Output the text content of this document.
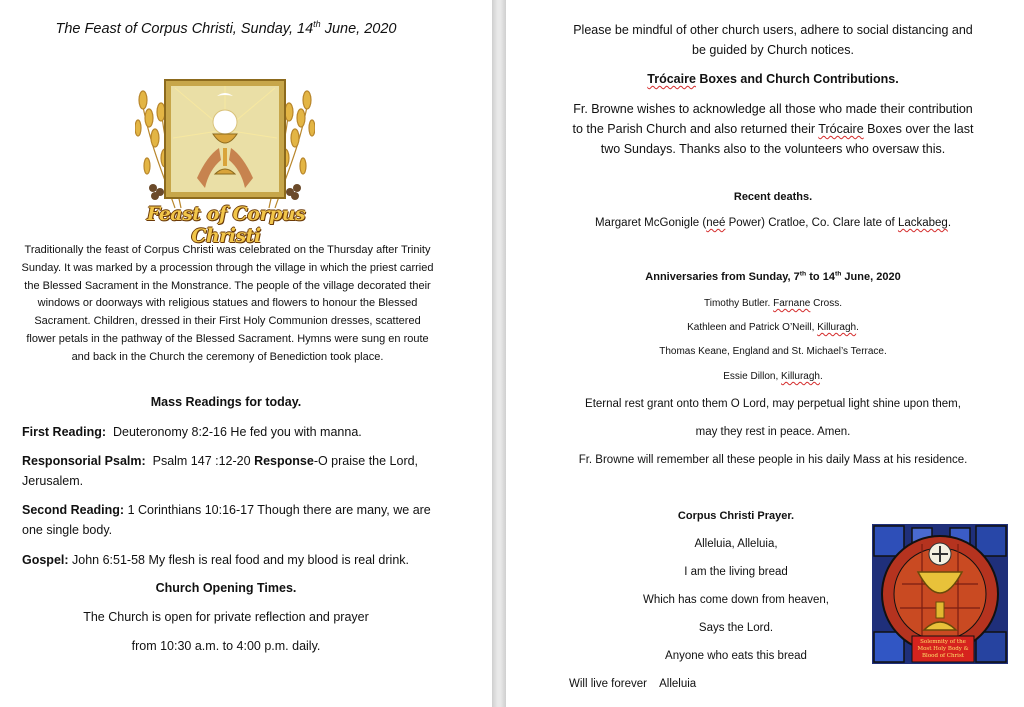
The Feast of Corpus Christi, Sunday, 14th June, 2020
Feast of Corpus Christi
Traditionally the feast of Corpus Christi was celebrated on the Thursday after Trinity Sunday. It was marked by a procession through the village in which the priest carried the Blessed Sacrament in the Monstrance. The people of the village decorated their windows or doorways with religious statues and flowers to honour the Blessed Sacrament. Children, dressed in their First Holy Communion dresses, scattered flower petals in the pathway of the Blessed Sacrament. Hymns were sung en route and back in the Church the ceremony of Benediction took place.
Mass Readings for today.
First Reading:  Deuteronomy 8:2-16 He fed you with manna.
Responsorial Psalm:  Psalm 147 :12-20 Response-O praise the Lord, Jerusalem.
Second Reading: 1 Corinthians 10:16-17 Though there are many, we are one single body.
Gospel: John 6:51-58 My flesh is real food and my blood is real drink.
Church Opening Times.
The Church is open for private reflection and prayer
from 10:30 a.m. to 4:00 p.m. daily.
Please be mindful of other church users, adhere to social distancing and be guided by Church notices.
Trócaire Boxes and Church Contributions.
Fr. Browne wishes to acknowledge all those who made their contribution to the Parish Church and also returned their Trócaire Boxes over the last two Sundays. Thanks also to the volunteers who oversaw this.
Recent deaths.
Margaret McGonigle (neé Power) Cratloe, Co. Clare late of Lackabeg.
Anniversaries from Sunday, 7th to 14th June, 2020
Timothy Butler. Farnane Cross.
Kathleen and Patrick O’Neill, Killuragh.
Thomas Keane, England and St. Michael’s Terrace.
Essie Dillon, Killuragh.
Eternal rest grant onto them O Lord, may perpetual light shine upon them,
may they rest in peace. Amen.
Fr. Browne will remember all these people in his daily Mass at his residence.
Corpus Christi Prayer.
Alleluia, Alleluia,
I am the living bread
Which has come down from heaven,
Says the Lord.
Anyone who eats this bread
Will live forever    Alleluia
Solemnity of the
Most Holy Body &
Blood of Christ
